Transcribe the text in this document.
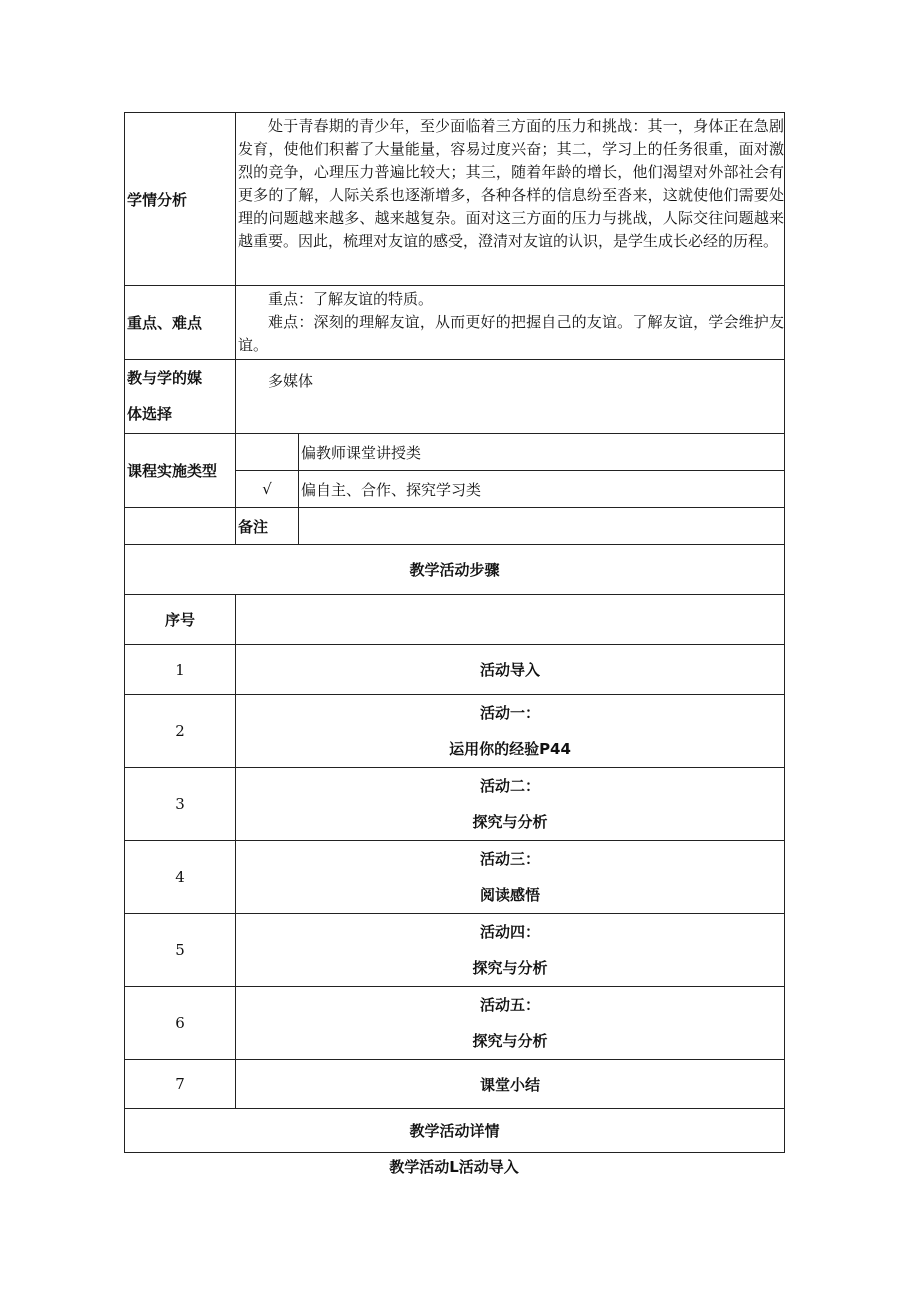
学情分析	处于青春期的青少年，至少面临着三方面的压力和挑战：其一，身体正在急剧发育，使他们积蓄了大量能量，容易过度兴奋；其二，学习上的任务很重，面对激烈的竞争，心理压力普遍比较大；其三，随着年龄的增长，他们渴望对外部社会有更多的了解，人际关系也逐渐增多，各种各样的信息纷至沓来，这就使他们需要处理的问题越来越多、越来越复杂。面对这三方面的压力与挑战，人际交往问题越来越重要。因此，梳理对友谊的感受，澄清对友谊的认识，是学生成长必经的历程。	
重点、难点	重点：了解友谊的特质。
难点：深刻的理解友谊，从而更好的把握自己的友谊。了解友谊，学会维护友谊。	

教与学的媒
体选择	多媒体	
课程实施类型		偏教师课堂讲授类
	√	偏自主、合作、探究学习类
	备注	
教学活动步骤		
序号		
1	活动导入	
2	活动一：
运用你的经验P44	

3	活动二：
探究与分析	

4	活动三：
阅读感悟	

5	活动四：
探究与分析	

6	活动五：
探究与分析	

7	课堂小结	
教学活动详情		
教学活动L活动导入
